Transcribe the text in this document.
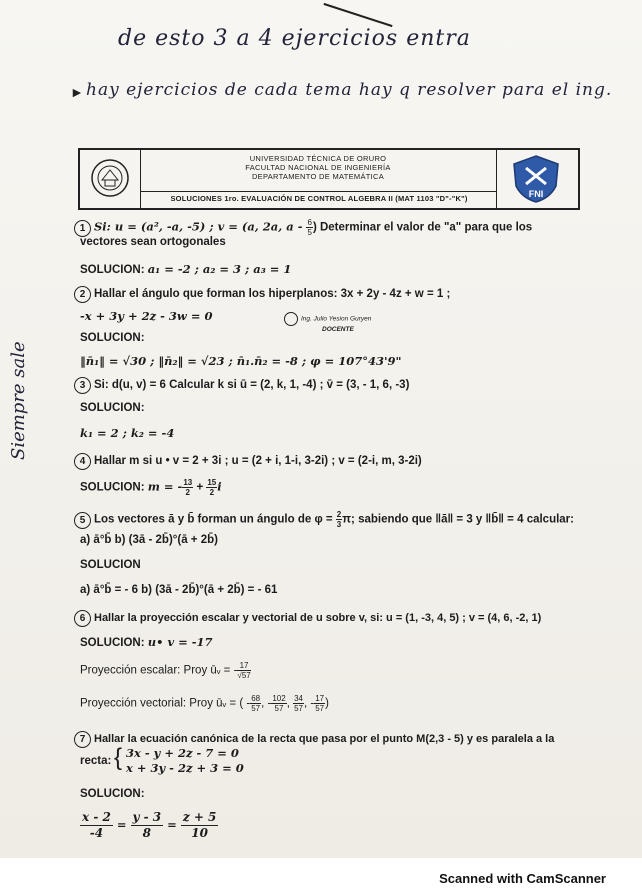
de esto 3 a 4 ejercicios entra
► hay ejercicios de cada tema hay q resolver para el ing.
Siempre sale
UNIVERSIDAD TÉCNICA DE ORURO
FACULTAD NACIONAL DE INGENIERÍA
DEPARTAMENTO DE MATEMÁTICA
SOLUCIONES 1ro. EVALUACIÓN DE CONTROL ALGEBRA II (MAT 1103 "D"-"K")	FNI
Ing. Julio Yesion Guryen
DOCENTE
1 Si: u = (a², -a, -5) ; v = (a, 2a, a - $\frac{6}{5}$ ) Determinar el valor de "a" para que los
vectores sean ortogonales
SOLUCION: a₁ = -2 ; a₂ = 3 ; a₃ = 1
2 Hallar el ángulo que forman los hiperplanos: 3x + 2y - 4z + w = 1 ;
-x + 3y + 2z - 3w = 0
SOLUCION:
‖n̄₁‖ = √30 ; ‖n̄₂‖ = √23 ; n̄₁.n̄₂ = -8 ; φ = 107°43'9"
3 Si: d(u, v) = 6 Calcular k si ū = (2, k, 1, -4) ; v̄ = (3, - 1, 6, -3)
SOLUCION:
k₁ = 2 ; k₂ = -4
4 Hallar m si u • v = 2 + 3i ; u = (2 + i, 1-i, 3-2i) ; v = (2-i, m, 3-2i)
SOLUCION: m = - $\frac{13}{2} + \frac{15}{2}$ i
5 Los vectores ā y b̄ forman un ángulo de $\varphi = \frac{2}{3} \pi$; sabiendo que ‖ā‖ = 3 y ‖b̄‖ = 4 calcular:
a) ā°b̄ b) (3ā - 2b̄)°(ā + 2b̄)
SOLUCION
a) ā°b̄ = - 6 b) (3ā - 2b̄)°(ā + 2b̄) = - 61
6 Hallar la proyección escalar y vectorial de u sobre v, si: u = (1, -3, 4, 5) ; v = (4, 6, -2, 1)
SOLUCION: u• v = -17
Proyección escalar: Proy ūᵥ = - $\frac{17}{√57}$
Proyección vectorial: Proy ūᵥ = ( - $\frac{68}{57}$ , - $\frac{102}{57}$ , $\frac{34}{57}$ , - $\frac{17}{57}$ )
7 Hallar la ecuación canónica de la recta que pasa por el punto M(2,3 - 5) y es paralela a la
recta: { 3x - y + 2z - 7 = 0
x + 3y - 2z + 3 = 0
SOLUCION:
$\frac{x - 2}{-4} = \frac{y - 3}{8} = \frac{z + 5}{10}$
Scanned with CamScanner
